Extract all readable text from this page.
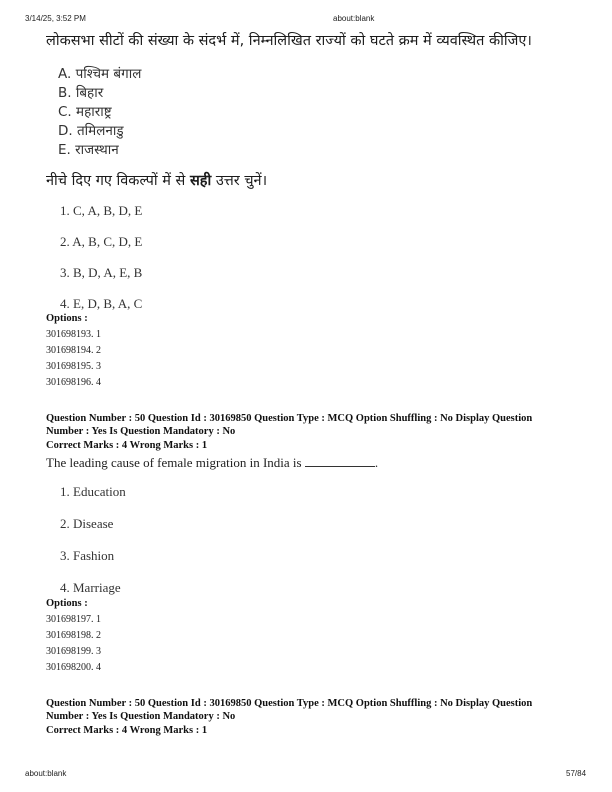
3/14/25, 3:52 PM	about:blank
लोकसभा सीटों की संख्या के संदर्भ में, निम्नलिखित राज्यों को घटते क्रम में व्यवस्थित कीजिए।
A. पश्चिम बंगाल
B. बिहार
C. महाराष्ट्र
D. तमिलनाडु
E. राजस्थान
नीचे दिए गए विकल्पों में से सही उत्तर चुनें।
1. C, A, B, D, E
2. A, B, C, D, E
3. B, D, A, E, B
4. E, D, B, A, C
Options :
301698193. 1
301698194. 2
301698195. 3
301698196. 4
Question Number : 50 Question Id : 30169850 Question Type : MCQ Option Shuffling : No Display Question Number : Yes Is Question Mandatory : No
Correct Marks : 4 Wrong Marks : 1
The leading cause of female migration in India is	.
1. Education
2. Disease
3. Fashion
4. Marriage
Options :
301698197. 1
301698198. 2
301698199. 3
301698200. 4
Question Number : 50 Question Id : 30169850 Question Type : MCQ Option Shuffling : No Display Question Number : Yes Is Question Mandatory : No
Correct Marks : 4 Wrong Marks : 1
about:blank	57/84
